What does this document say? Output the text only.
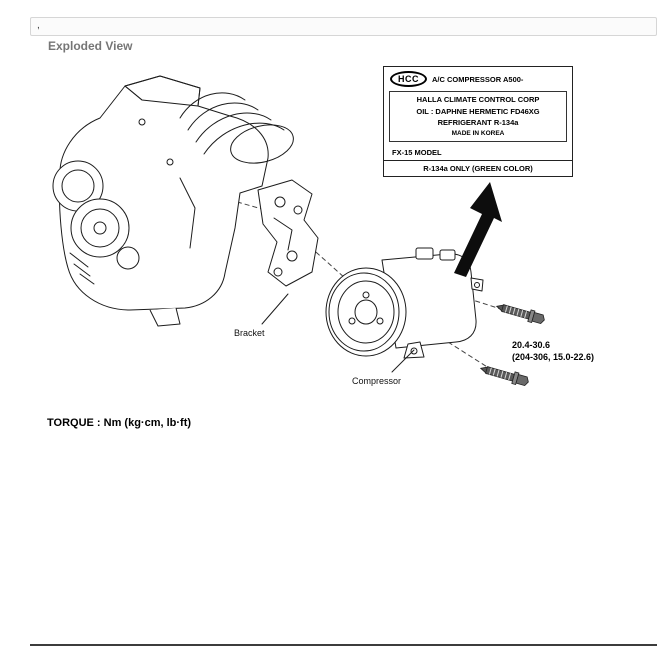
,
Exploded View
Bracket
Compressor
20.4-30.6
(204-306, 15.0-22.6)
HCC	A/C COMPRESSOR A500-
HALLA CLIMATE CONTROL CORP
OIL : DAPHNE HERMETIC FD46XG
REFRIGERANT R-134a
MADE IN KOREA
FX-15 MODEL
R-134a ONLY (GREEN COLOR)
TORQUE : Nm (kg·cm, lb·ft)
